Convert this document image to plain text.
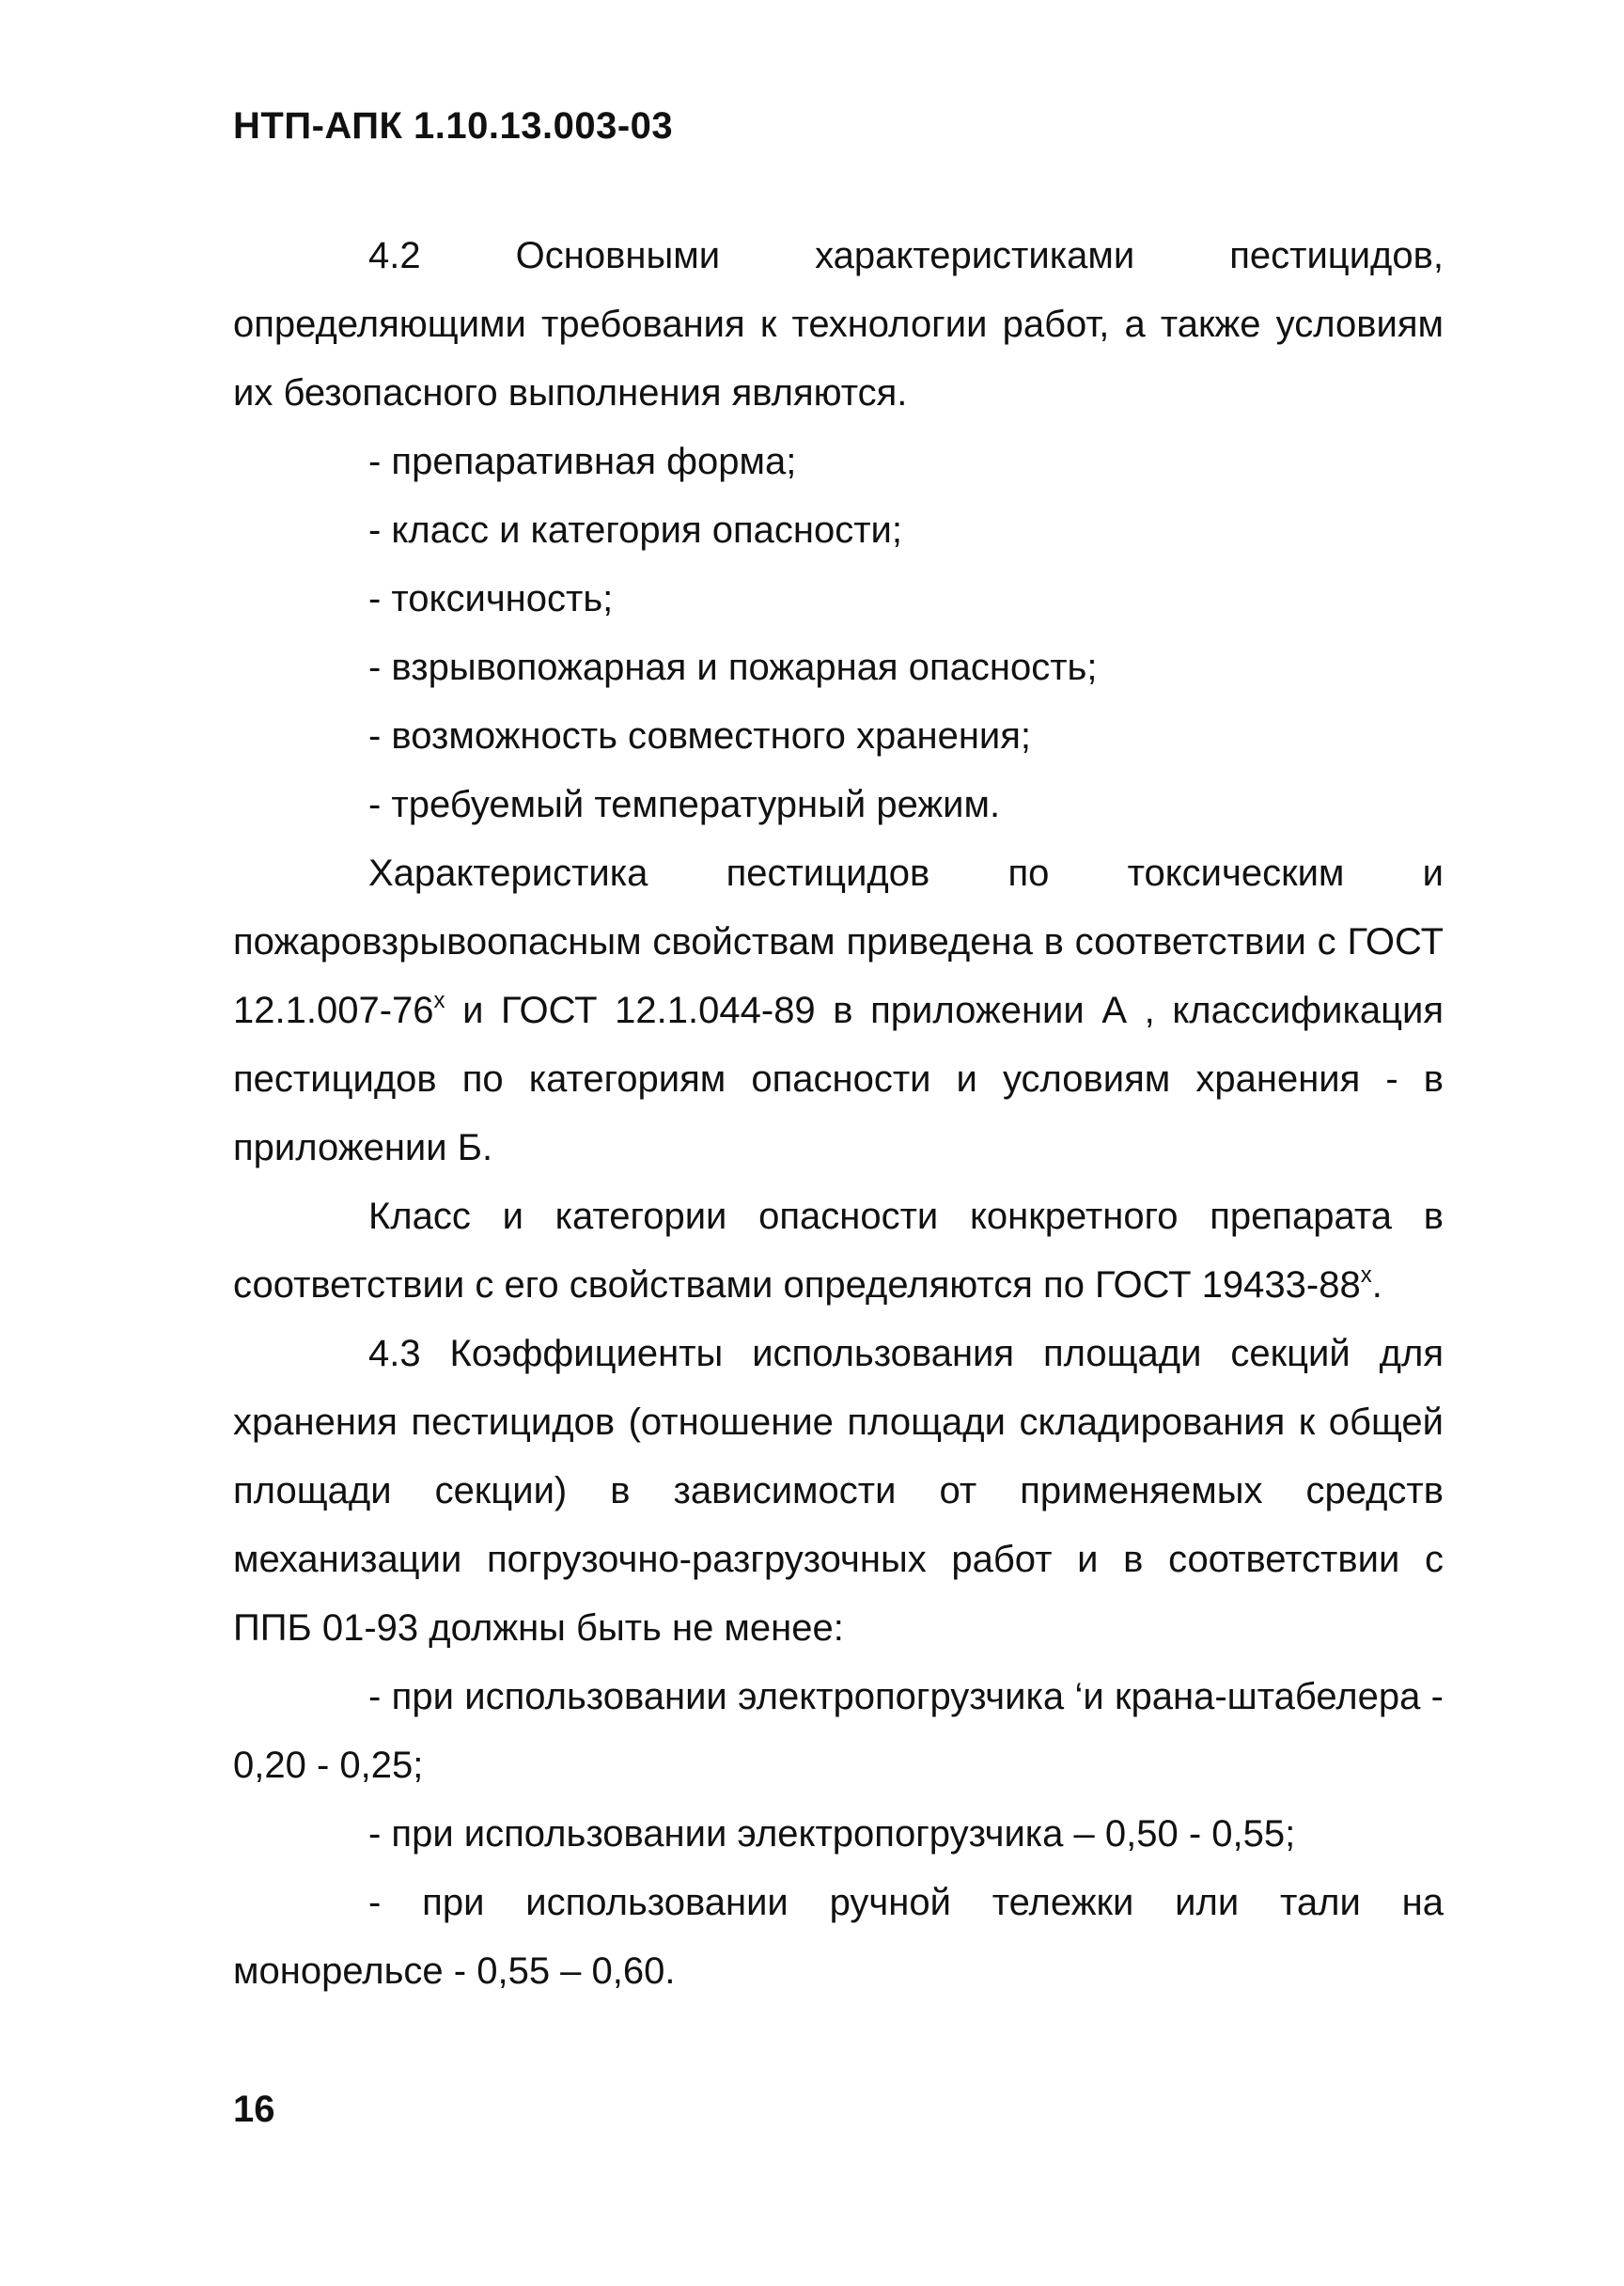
НТП-АПК 1.10.13.003-03

4.2 Основными характеристиками пестицидов, определяющими требования к технологии работ, а также условиям их безопасного выполнения являются.

- препаративная форма;

- класс и категория опасности;

- токсичность;

- взрывопожарная и пожарная опасность;

- возможность совместного хранения;

- требуемый температурный режим.

Характеристика пестицидов по токсическим и пожаровзрывоопасным свойствам приведена в соответствии с ГОСТ $12.1.007-76^х$ и ГОСТ 12.1.044-89 в приложении А , классификация пестицидов по категориям опасности и условиям хранения - в приложении Б.

Класс и категории опасности конкретного препарата в соответствии с его свойствами определяются по ГОСТ $19433-88^х$.

4.3 Коэффициенты использования площади секций для хранения пестицидов (отношение площади складирования к общей площади секции) в зависимости от применяемых средств механизации погрузочно-разгрузочных работ и в соответствии с ППБ 01-93 должны быть не менее:

- при использовании электропогрузчика ‘и крана-штабелера - 0,20 - 0,25;

- при использовании электропогрузчика – 0,50 - 0,55;

- при использовании ручной тележки или тали на монорельсе - 0,55 – 0,60.

16
